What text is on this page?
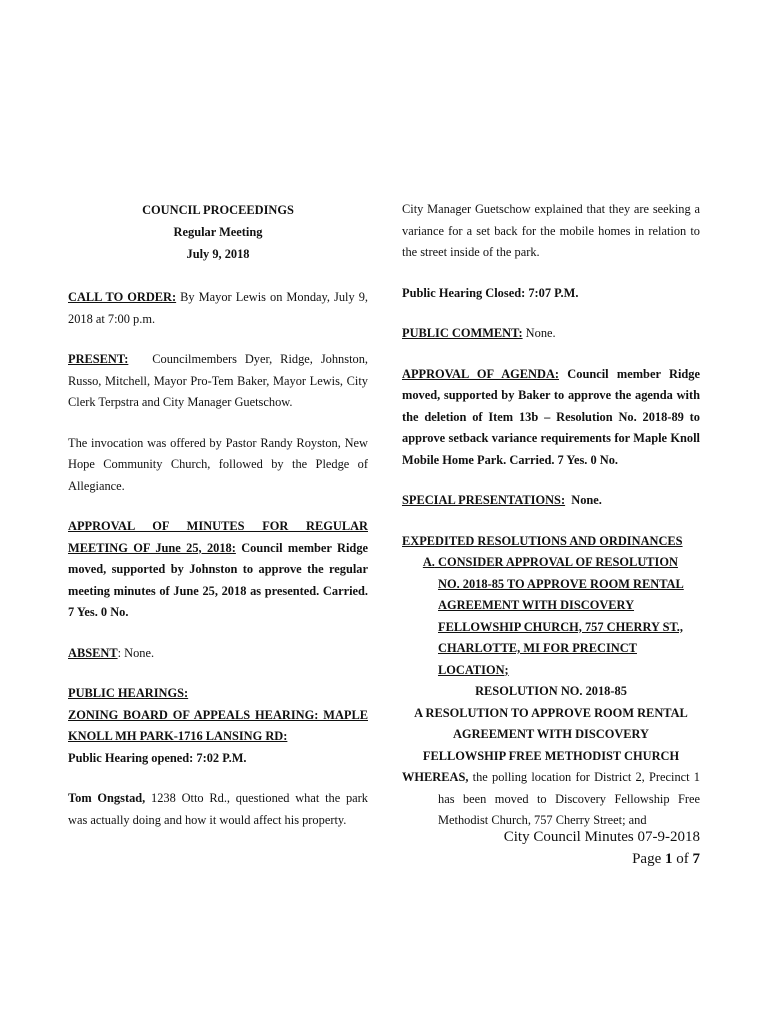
COUNCIL PROCEEDINGS
Regular Meeting
July 9, 2018

CALL TO ORDER: By Mayor Lewis on Monday, July 9, 2018 at 7:00 p.m.

PRESENT:   Councilmembers Dyer, Ridge, Johnston, Russo, Mitchell, Mayor Pro-Tem Baker, Mayor Lewis, City Clerk Terpstra and City Manager Guetschow.

The invocation was offered by Pastor Randy Royston, New Hope Community Church, followed by the Pledge of Allegiance.

APPROVAL OF MINUTES FOR REGULAR MEETING OF June 25, 2018: Council member Ridge moved, supported by Johnston to approve the regular meeting minutes of June 25, 2018 as presented. Carried. 7 Yes. 0 No.

ABSENT: None.

PUBLIC HEARINGS:
ZONING BOARD OF APPEALS HEARING: MAPLE KNOLL MH PARK-1716 LANSING RD:
Public Hearing opened: 7:02 P.M.

Tom Ongstad, 1238 Otto Rd., questioned what the park was actually doing and how it would affect his property.

City Manager Guetschow explained that they are seeking a variance for a set back for the mobile homes in relation to the street inside of the park.

Public Hearing Closed: 7:07 P.M.

PUBLIC COMMENT: None.

APPROVAL OF AGENDA: Council member Ridge moved, supported by Baker to approve the agenda with the deletion of Item 13b – Resolution No. 2018-89 to approve setback variance requirements for Maple Knoll Mobile Home Park. Carried. 7 Yes. 0 No.

SPECIAL PRESENTATIONS:  None.

EXPEDITED RESOLUTIONS AND ORDINANCES
A. CONSIDER APPROVAL OF RESOLUTION NO. 2018-85 TO APPROVE ROOM RENTAL AGREEMENT WITH DISCOVERY FELLOWSHIP CHURCH, 757 CHERRY ST., CHARLOTTE, MI FOR PRECINCT LOCATION;
RESOLUTION NO. 2018-85
A RESOLUTION TO APPROVE ROOM RENTAL AGREEMENT WITH DISCOVERY FELLOWSHIP FREE METHODIST CHURCH
WHEREAS, the polling location for District 2, Precinct 1 has been moved to Discovery Fellowship Free Methodist Church, 757 Cherry Street; and
City Council Minutes 07-9-2018
Page 1 of 7
